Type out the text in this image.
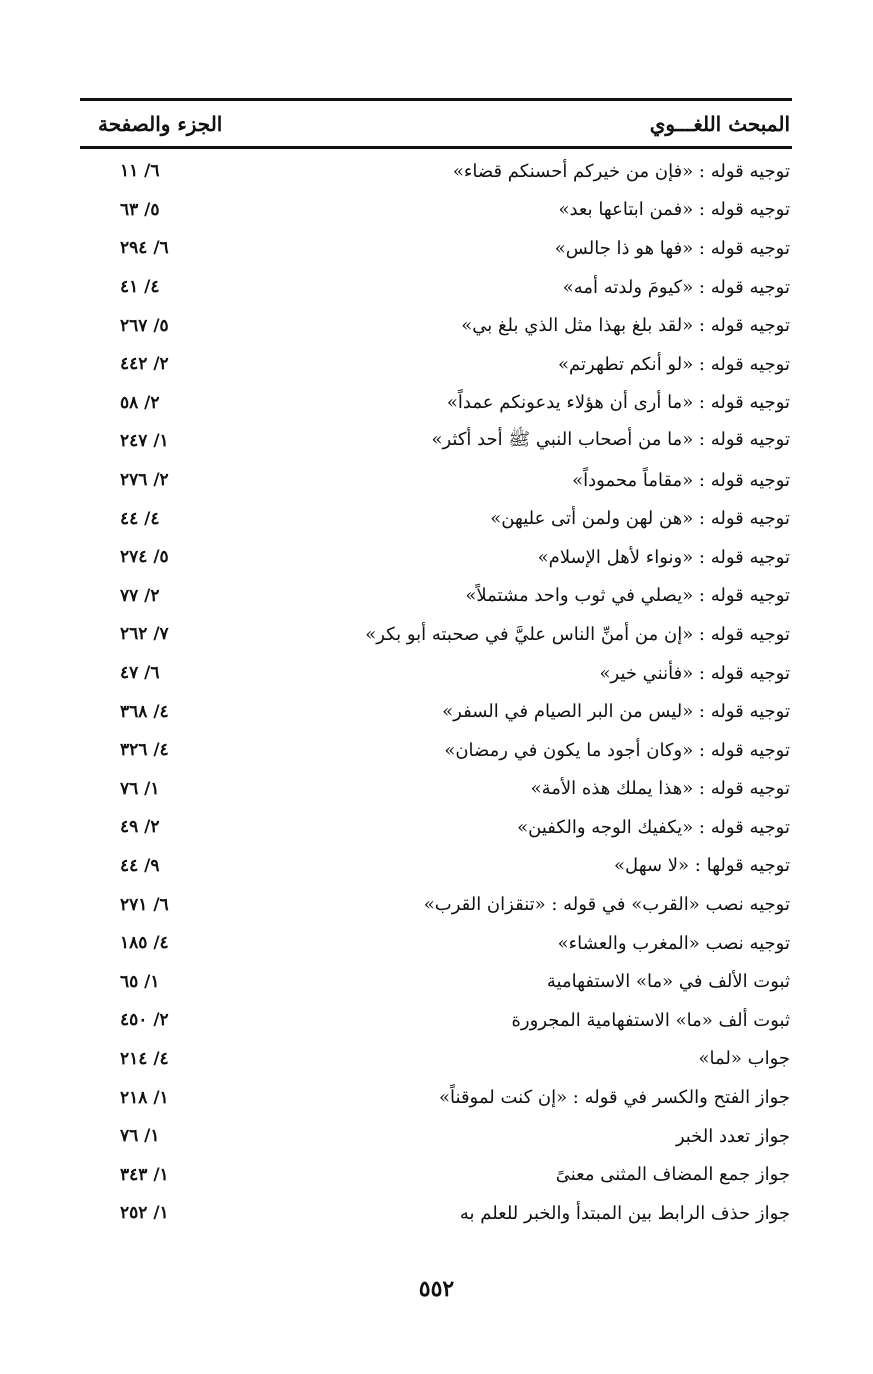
الجزء والصفحة	المبحث اللغـــوي
٦/ ١١	توجيه قوله : «فإن من خيركم أحسنكم قضاء»
٥/ ٦٣	توجيه قوله : «فمن ابتاعها بعد»
٦/ ٢٩٤	توجيه قوله : «فها هو ذا جالس»
٤/ ٤١	توجيه قوله : «كيومَ ولدته أمه»
٥/ ٢٦٧	توجيه قوله : «لقد بلغ بهذا مثل الذي بلغ بي»
٢/ ٤٤٢	توجيه قوله : «لو أنكم تطهرتم»
٢/ ٥٨	توجيه قوله : «ما أرى أن هؤلاء يدعونكم عمداً»
١/ ٢٤٧	توجيه قوله : «ما من أصحاب النبي ﷺ أحد أكثر»
٢/ ٢٧٦	توجيه قوله : «مقاماً محموداً»
٤/ ٤٤	توجيه قوله : «هن لهن ولمن أتى عليهن»
٥/ ٢٧٤	توجيه قوله : «ونواء لأهل الإسلام»
٢/ ٧٧	توجيه قوله : «يصلي في ثوب واحد مشتملاً»
٧/ ٢٦٢	توجيه قوله : «إن من أمنِّ الناس عليَّ في صحبته أبو بكر»
٦/ ٤٧	توجيه قوله : «فأنني خير»
٤/ ٣٦٨	توجيه قوله : «ليس من البر الصيام في السفر»
٤/ ٣٢٦	توجيه قوله : «وكان أجود ما يكون في رمضان»
١/ ٧٦	توجيه قوله : «هذا يملك هذه الأمة»
٢/ ٤٩	توجيه قوله : «يكفيك الوجه والكفين»
٩/ ٤٤	توجيه قولها : «لا سهل»
٦/ ٢٧١	توجيه نصب «القرب» في قوله : «تنقزان القرب»
٤/ ١٨٥	توجيه نصب «المغرب والعشاء»
١/ ٦٥	ثبوت الألف في «ما» الاستفهامية
٢/ ٤٥٠	ثبوت ألف «ما» الاستفهامية المجرورة
٤/ ٢١٤	جواب «لما»
١/ ٢١٨	جواز الفتح والكسر في قوله : «إن كنت لموقناً»
١/ ٧٦	جواز تعدد الخبر
١/ ٣٤٣	جواز جمع المضاف المثنى معنىً
١/ ٢٥٢	جواز حذف الرابط بين المبتدأ والخبر للعلم به
٥٥٢
